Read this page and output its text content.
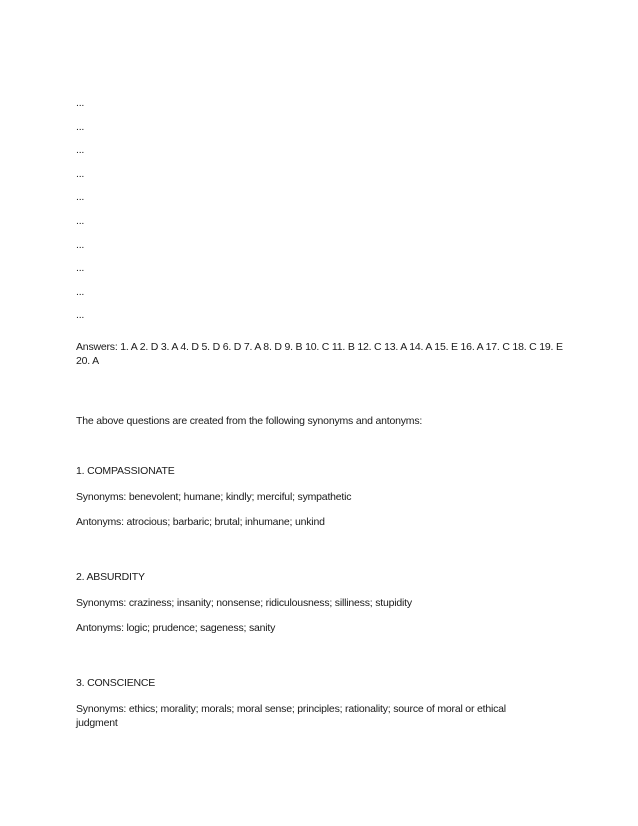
...
...
...
...
...
...
...
...
...
...
Answers: 1. A 2. D 3. A 4. D 5. D 6. D 7. A 8. D 9. B 10. C 11. B 12. C 13. A 14. A 15. E 16. A 17. C 18. C 19. E
20. A
The above questions are created from the following synonyms and antonyms:
1. COMPASSIONATE
Synonyms: benevolent; humane; kindly; merciful; sympathetic
Antonyms: atrocious; barbaric; brutal; inhumane; unkind
2. ABSURDITY
Synonyms: craziness; insanity; nonsense; ridiculousness; silliness; stupidity
Antonyms: logic; prudence; sageness; sanity
3. CONSCIENCE
Synonyms: ethics; morality; morals; moral sense; principles; rationality; source of moral or ethical
judgment
